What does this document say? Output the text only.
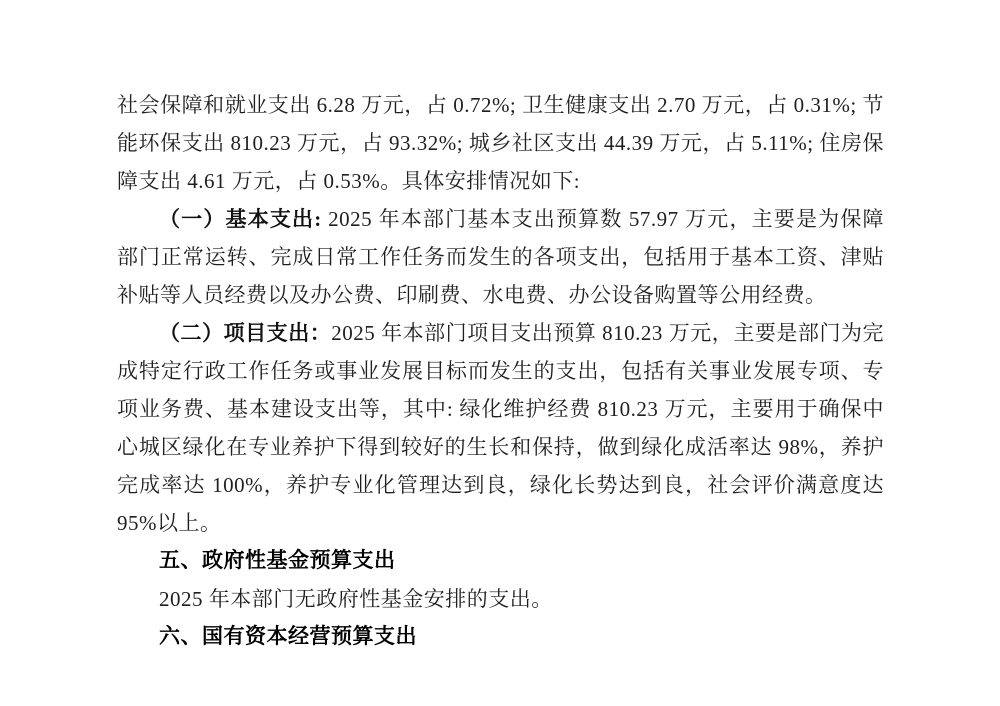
社会保障和就业支出 6.28 万元，占 0.72%; 卫生健康支出 2.70 万元，占 0.31%; 节能环保支出 810.23 万元，占 93.32%; 城乡社区支出 44.39 万元，占 5.11%; 住房保障支出 4.61 万元，占 0.53%。具体安排情况如下:

（一）基本支出: 2025 年本部门基本支出预算数 57.97 万元，主要是为保障部门正常运转、完成日常工作任务而发生的各项支出，包括用于基本工资、津贴补贴等人员经费以及办公费、印刷费、水电费、办公设备购置等公用经费。

（二）项目支出：2025 年本部门项目支出预算 810.23 万元，主要是部门为完成特定行政工作任务或事业发展目标而发生的支出，包括有关事业发展专项、专项业务费、基本建设支出等，其中: 绿化维护经费 810.23 万元，主要用于确保中心城区绿化在专业养护下得到较好的生长和保持，做到绿化成活率达 98%，养护完成率达 100%，养护专业化管理达到良，绿化长势达到良，社会评价满意度达 95%以上。

五、政府性基金预算支出

2025 年本部门无政府性基金安排的支出。

六、国有资本经营预算支出
